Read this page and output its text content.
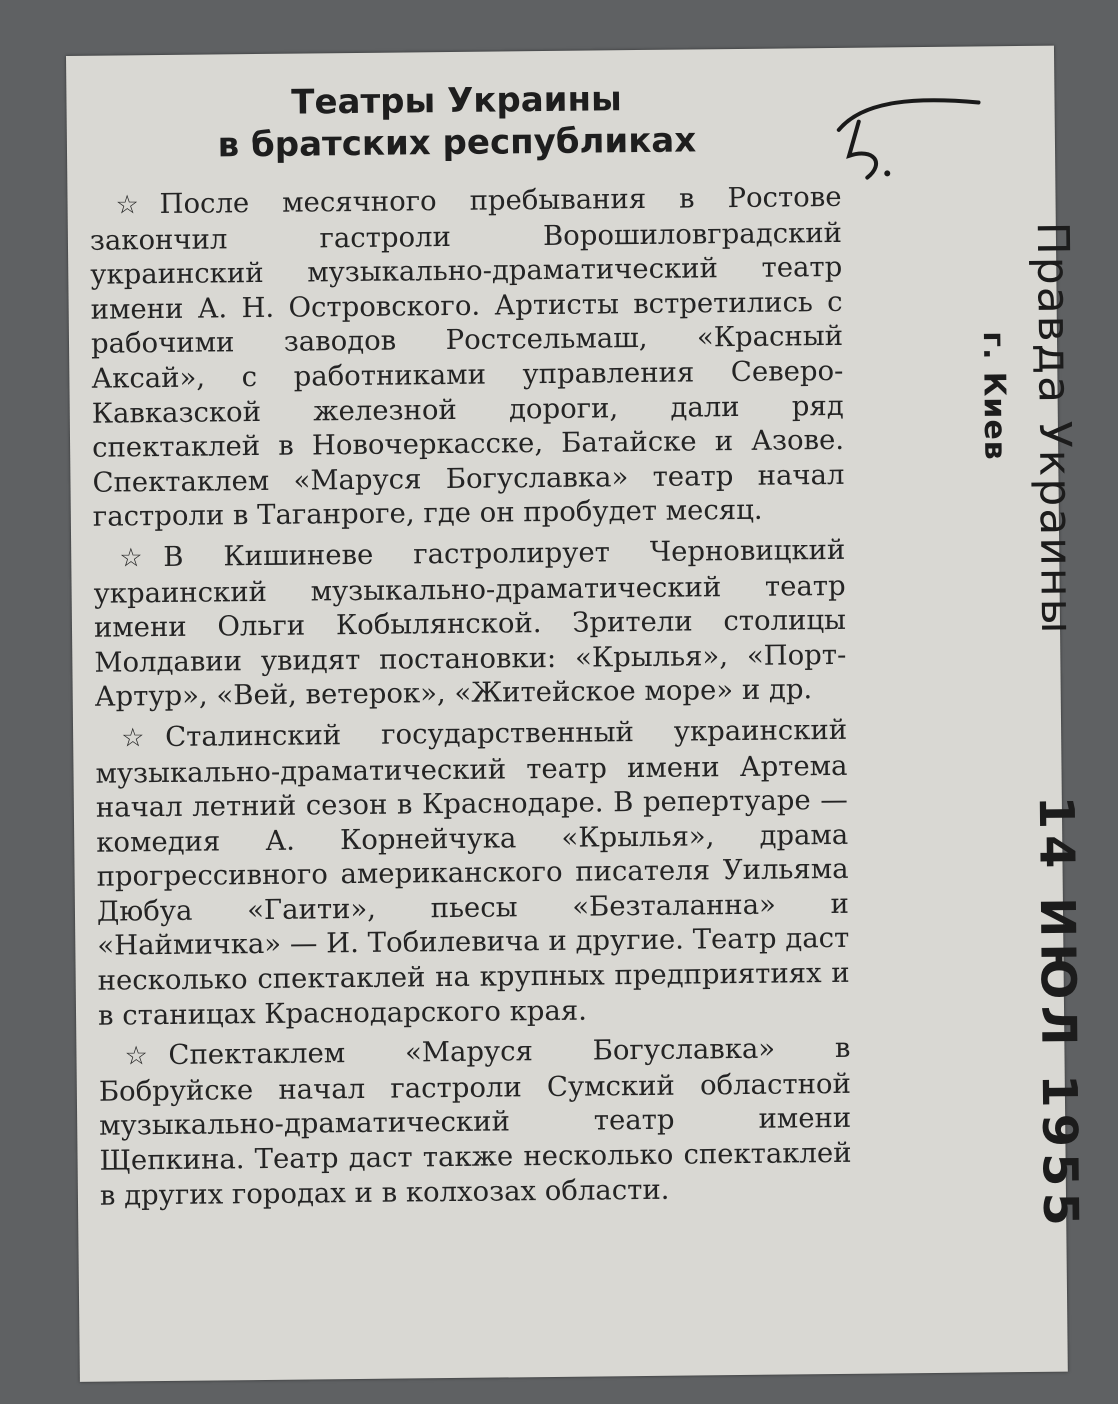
Театры Украины
в братских республиках

☆ После месячного пребывания в Ростове закончил гастроли Ворошиловградский украинский музыкально-драматический театр имени А. Н. Островского. Артисты встретились с рабочими заводов Ростсельмаш, «Красный Аксай», с работниками управления Северо-Кавказской железной дороги, дали ряд спектаклей в Новочеркасске, Батайске и Азове. Спектаклем «Маруся Богуславка» театр начал гастроли в Таганроге, где он пробудет месяц.

☆ В Кишиневе гастролирует Черновицкий украинский музыкально-драматический театр имени Ольги Кобылянской. Зрители столицы Молдавии увидят постановки: «Крылья», «Порт-Артур», «Вей, ветерок», «Житейское море» и др.

☆ Сталинский государственный украинский музыкально-драматический театр имени Артема начал летний сезон в Краснодаре. В репертуаре — комедия А. Корнейчука «Крылья», драма прогрессивного американского писателя Уильяма Дюбуа «Гаити», пьесы «Безталанна» и «Наймичка» — И. Тобилевича и другие. Театр даст несколько спектаклей на крупных предприятиях и в станицах Краснодарского края.

☆ Спектаклем «Маруся Богуславка» в Бобруйске начал гастроли Сумский областной музыкально-драматический театр имени Щепкина. Театр даст также несколько спектаклей в других городах и в колхозах области.

Правда Украины
г. Киев
14 ИЮЛ 1955
